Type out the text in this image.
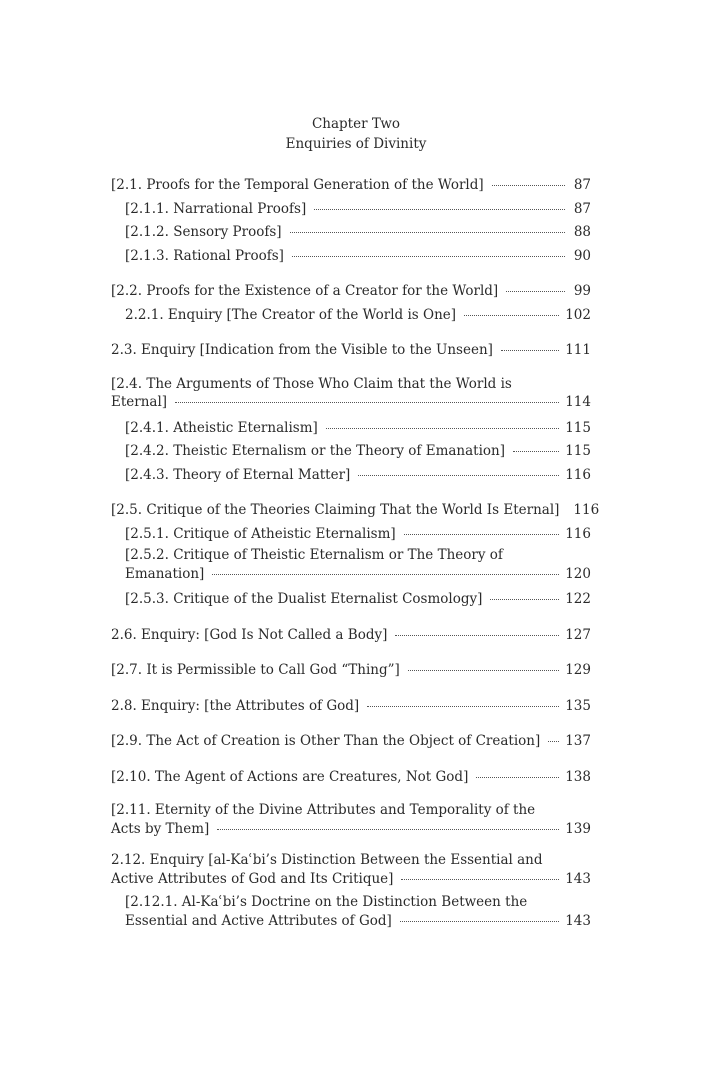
Chapter Two
Enquiries of Divinity
[2.1. Proofs for the Temporal Generation of the World]	87
[2.1.1. Narrational Proofs]	87
[2.1.2. Sensory Proofs]	88
[2.1.3. Rational Proofs]	90
[2.2. Proofs for the Existence of a Creator for the World]	99
2.2.1. Enquiry [The Creator of the World is One]	102
2.3. Enquiry [Indication from the Visible to the Unseen]	111
[2.4. The Arguments of Those Who Claim that the World is
Eternal]	114
[2.4.1. Atheistic Eternalism]	115
[2.4.2. Theistic Eternalism or the Theory of Emanation]	115
[2.4.3. Theory of Eternal Matter]	116
[2.5. Critique of the Theories Claiming That the World Is Eternal] 116
[2.5.1. Critique of Atheistic Eternalism]	116
[2.5.2. Critique of Theistic Eternalism or The Theory of
Emanation]	120
[2.5.3. Critique of the Dualist Eternalist Cosmology]	122
2.6. Enquiry: [God Is Not Called a Body]	127
[2.7. It is Permissible to Call God “Thing”]	129
2.8. Enquiry: [the Attributes of God]	135
[2.9. The Act of Creation is Other Than the Object of Creation] 137
[2.10. The Agent of Actions are Creatures, Not God]	138
[2.11. Eternity of the Divine Attributes and Temporality of the
Acts by Them]	139
2.12. Enquiry [al-Kaʿbi’s Distinction Between the Essential and
Active Attributes of God and Its Critique]	143
[2.12.1. Al-Kaʿbi’s Doctrine on the Distinction Between the
Essential and Active Attributes of God]	143
